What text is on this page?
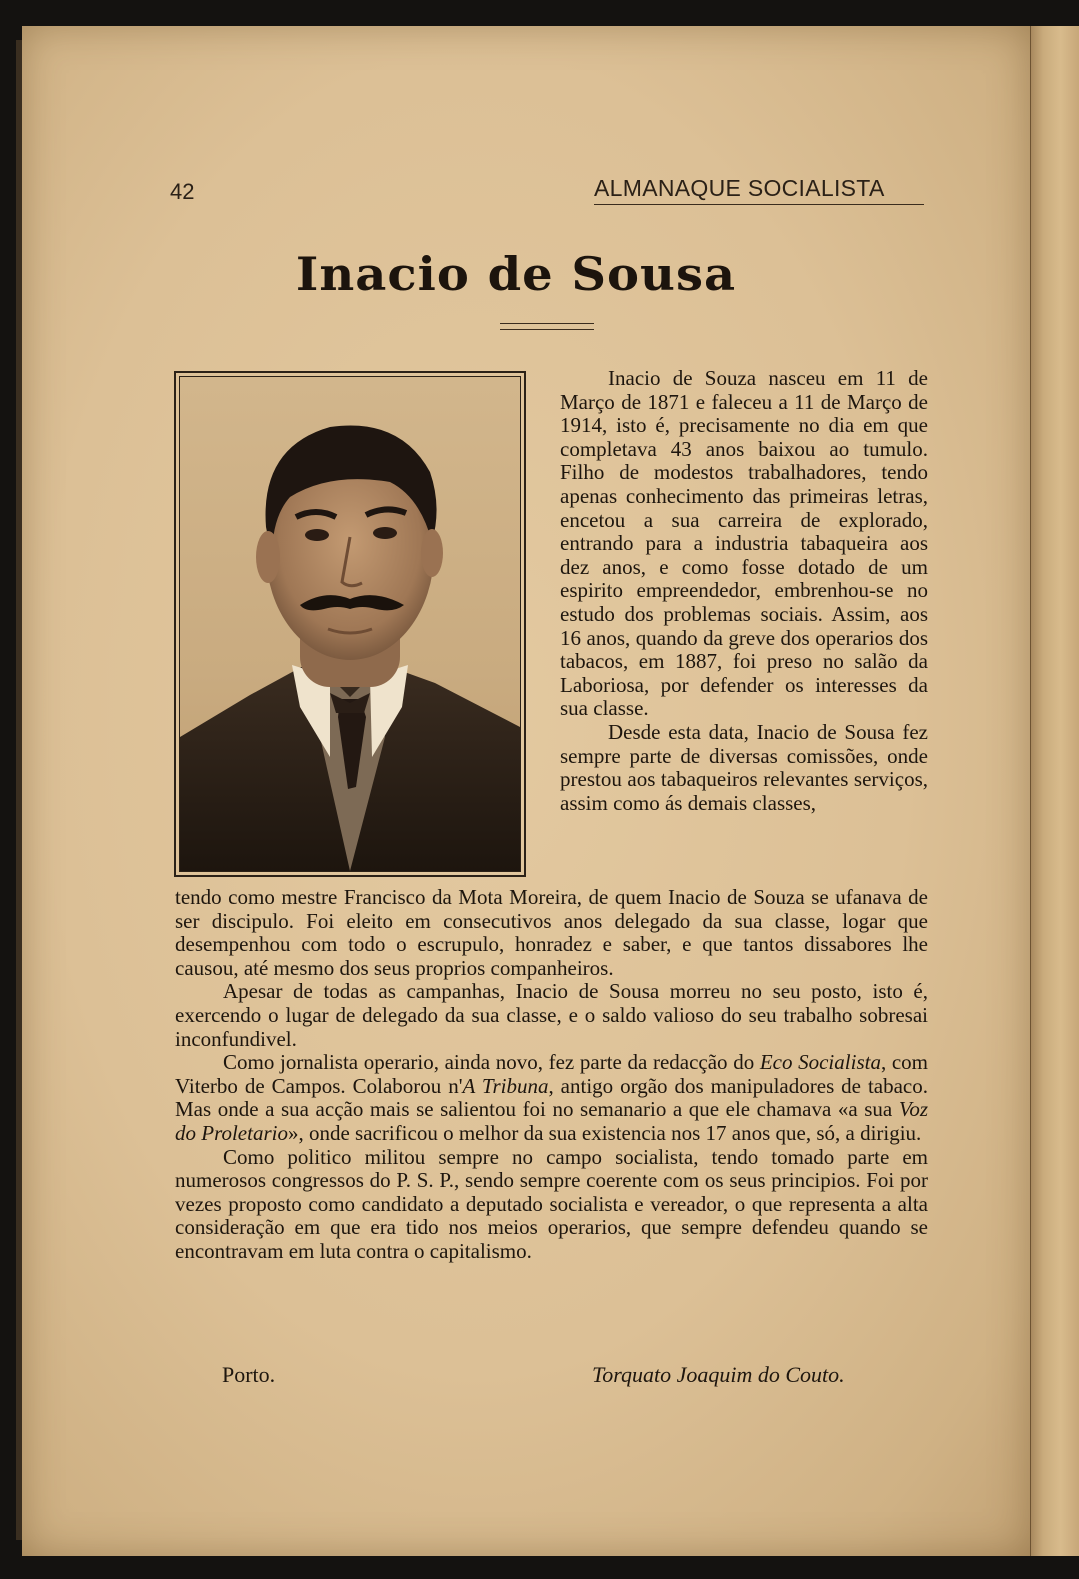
42	ALMANAQUE SOCIALISTA
Inacio de Sousa

Inacio de Souza nasceu em 11 de Março de 1871 e faleceu a 11 de Março de 1914, isto é, precisamente no dia em que completava 43 anos baixou ao tumulo. Filho de modestos trabalhadores, tendo apenas conhecimento das primeiras letras, encetou a sua carreira de explorado, entrando para a industria tabaqueira aos dez anos, e como fosse dotado de um espirito empreendedor, embrenhou-se no estudo dos problemas sociais. Assim, aos 16 anos, quando da greve dos operarios dos tabacos, em 1887, foi preso no salão da Laboriosa, por defender os interesses da sua classe.

Desde esta data, Inacio de Sousa fez sempre parte de diversas comissões, onde prestou aos tabaqueiros relevantes serviços, assim como ás demais classes,

tendo como mestre Francisco da Mota Moreira, de quem Inacio de Souza se ufanava de ser discipulo. Foi eleito em consecutivos anos delegado da sua classe, logar que desempenhou com todo o escrupulo, honradez e saber, e que tantos dissabores lhe causou, até mesmo dos seus proprios companheiros.

Apesar de todas as campanhas, Inacio de Sousa morreu no seu posto, isto é, exercendo o lugar de delegado da sua classe, e o saldo valioso do seu trabalho sobresai inconfundivel.

Como jornalista operario, ainda novo, fez parte da redacção do Eco Socialista, com Viterbo de Campos. Colaborou n'A Tribuna, antigo orgão dos manipuladores de tabaco. Mas onde a sua acção mais se salientou foi no semanario a que ele chamava «a sua Voz do Proletario», onde sacrificou o melhor da sua existencia nos 17 anos que, só, a dirigiu.

Como politico militou sempre no campo socialista, tendo tomado parte em numerosos congressos do P. S. P., sendo sempre coerente com os seus principios. Foi por vezes proposto como candidato a deputado socialista e vereador, o que representa a alta consideração em que era tido nos meios operarios, que sempre defendeu quando se encontravam em luta contra o capitalismo.

Porto.	Torquato Joaquim do Couto.
